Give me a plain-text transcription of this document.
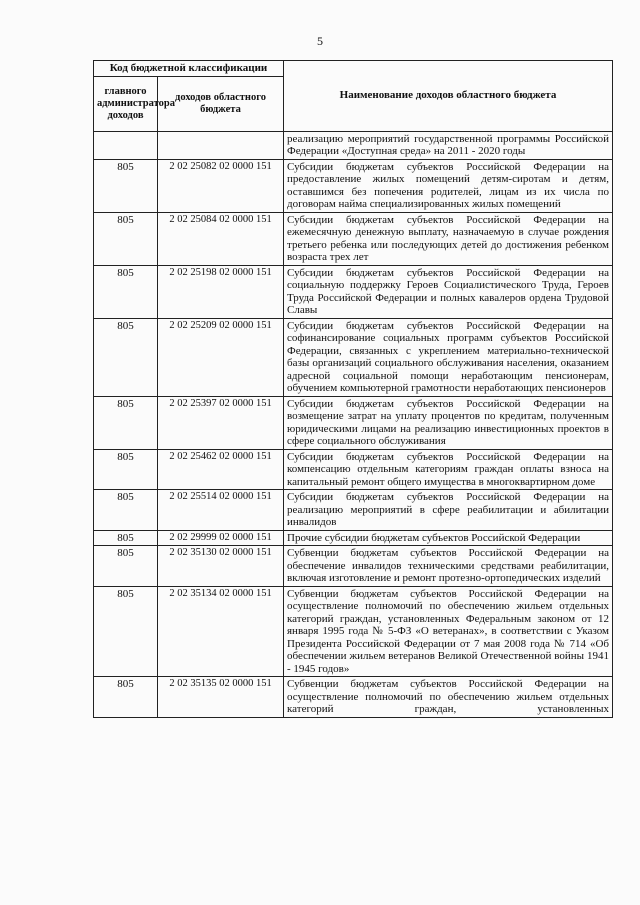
5
Код бюджетной классификации		Наименование доходов областного бюджета
главного администратора доходов	доходов областного бюджета	
		реализацию мероприятий государственной программы Российской Федерации «Доступная среда» на 2011 - 2020 годы
805	2 02 25082 02 0000 151	Субсидии бюджетам субъектов Российской Федерации на предоставление жилых помещений детям-сиротам и детям, оставшимся без попечения родителей, лицам из их числа по договорам найма специализированных жилых помещений
805	2 02 25084 02 0000 151	Субсидии бюджетам субъектов Российской Федерации на ежемесячную денежную выплату, назначаемую в случае рождения третьего ребенка или последующих детей до достижения ребенком возраста трех лет
805	2 02 25198 02 0000 151	Субсидии бюджетам субъектов Российской Федерации на социальную поддержку Героев Социалистического Труда, Героев Труда Российской Федерации и полных кавалеров ордена Трудовой Славы
805	2 02 25209 02 0000 151	Субсидии бюджетам субъектов Российской Федерации на софинансирование социальных программ субъектов Российской Федерации, связанных с укреплением материально-технической базы организаций социального обслуживания населения, оказанием адресной социальной помощи неработающим пенсионерам, обучением компьютерной грамотности неработающих пенсионеров
805	2 02 25397 02 0000 151	Субсидии бюджетам субъектов Российской Федерации на возмещение затрат на уплату процентов по кредитам, полученным юридическими лицами на реализацию инвестиционных проектов в сфере социального обслуживания
805	2 02 25462 02 0000 151	Субсидии бюджетам субъектов Российской Федерации на компенсацию отдельным категориям граждан оплаты взноса на капитальный ремонт общего имущества в многоквартирном доме
805	2 02 25514 02 0000 151	Субсидии бюджетам субъектов Российской Федерации на реализацию мероприятий в сфере реабилитации и абилитации инвалидов
805	2 02 29999 02 0000 151	Прочие субсидии бюджетам субъектов Российской Федерации
805	2 02 35130 02 0000 151	Субвенции бюджетам субъектов Российской Федерации на обеспечение инвалидов техническими средствами реабилитации, включая изготовление и ремонт протезно-ортопедических изделий
805	2 02 35134 02 0000 151	Субвенции бюджетам субъектов Российской Федерации на осуществление полномочий по обеспечению жильем отдельных категорий граждан, установленных Федеральным законом от 12 января 1995 года № 5-ФЗ «О ветеранах», в соответствии с Указом Президента Российской Федерации от 7 мая 2008 года № 714 «Об обеспечении жильем ветеранов Великой Отечественной войны 1941 - 1945 годов»
805	2 02 35135 02 0000 151	Субвенции бюджетам субъектов Российской Федерации на осуществление полномочий по обеспечению жильем отдельных категорий граждан, установленных
